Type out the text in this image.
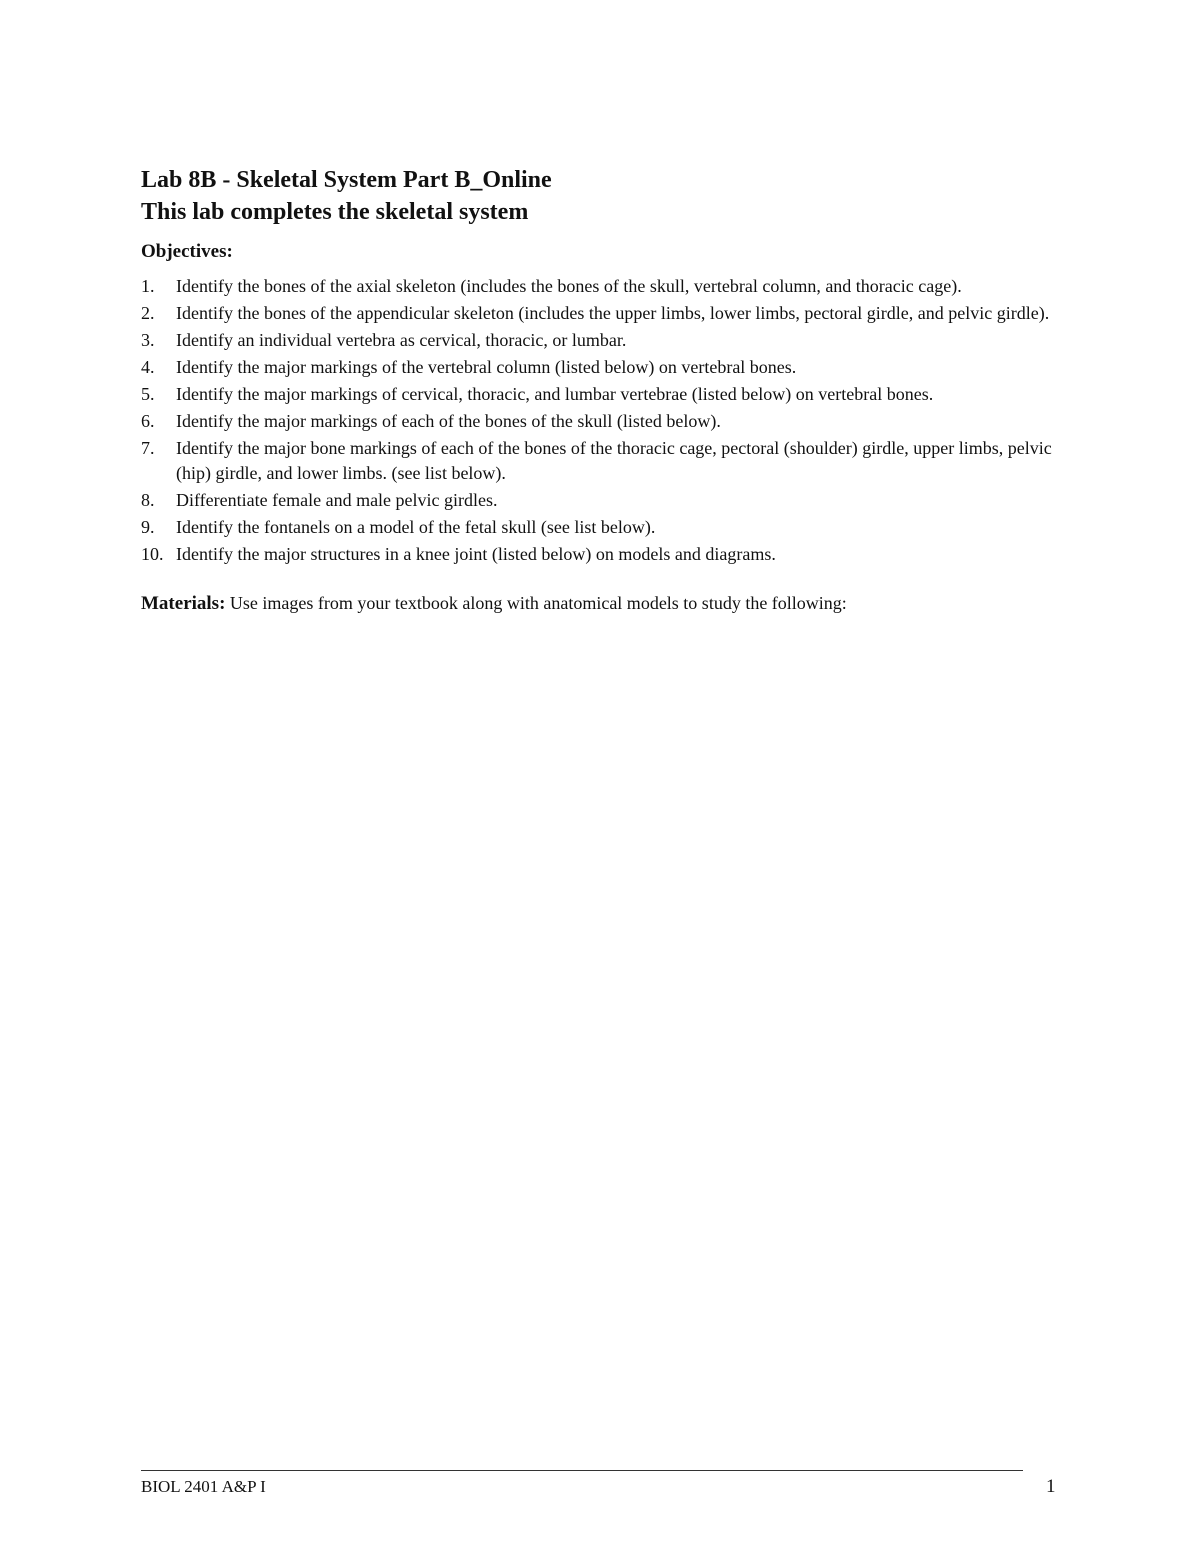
Lab 8B - Skeletal System Part B_Online
This lab completes the skeletal system
Objectives:
1. Identify the bones of the axial skeleton (includes the bones of the skull, vertebral column, and thoracic cage).
2. Identify the bones of the appendicular skeleton (includes the upper limbs, lower limbs, pectoral girdle, and pelvic girdle).
3. Identify an individual vertebra as cervical, thoracic, or lumbar.
4. Identify the major markings of the vertebral column (listed below) on vertebral bones.
5. Identify the major markings of cervical, thoracic, and lumbar vertebrae (listed below) on vertebral bones.
6. Identify the major markings of each of the bones of the skull (listed below).
7. Identify the major bone markings of each of the bones of the thoracic cage, pectoral (shoulder) girdle, upper limbs, pelvic (hip) girdle, and lower limbs. (see list below).
8. Differentiate female and male pelvic girdles.
9. Identify the fontanels on a model of the fetal skull (see list below).
10. Identify the major structures in a knee joint (listed below) on models and diagrams.
Materials: Use images from your textbook along with anatomical models to study the following:
BIOL 2401 A&P I	1
